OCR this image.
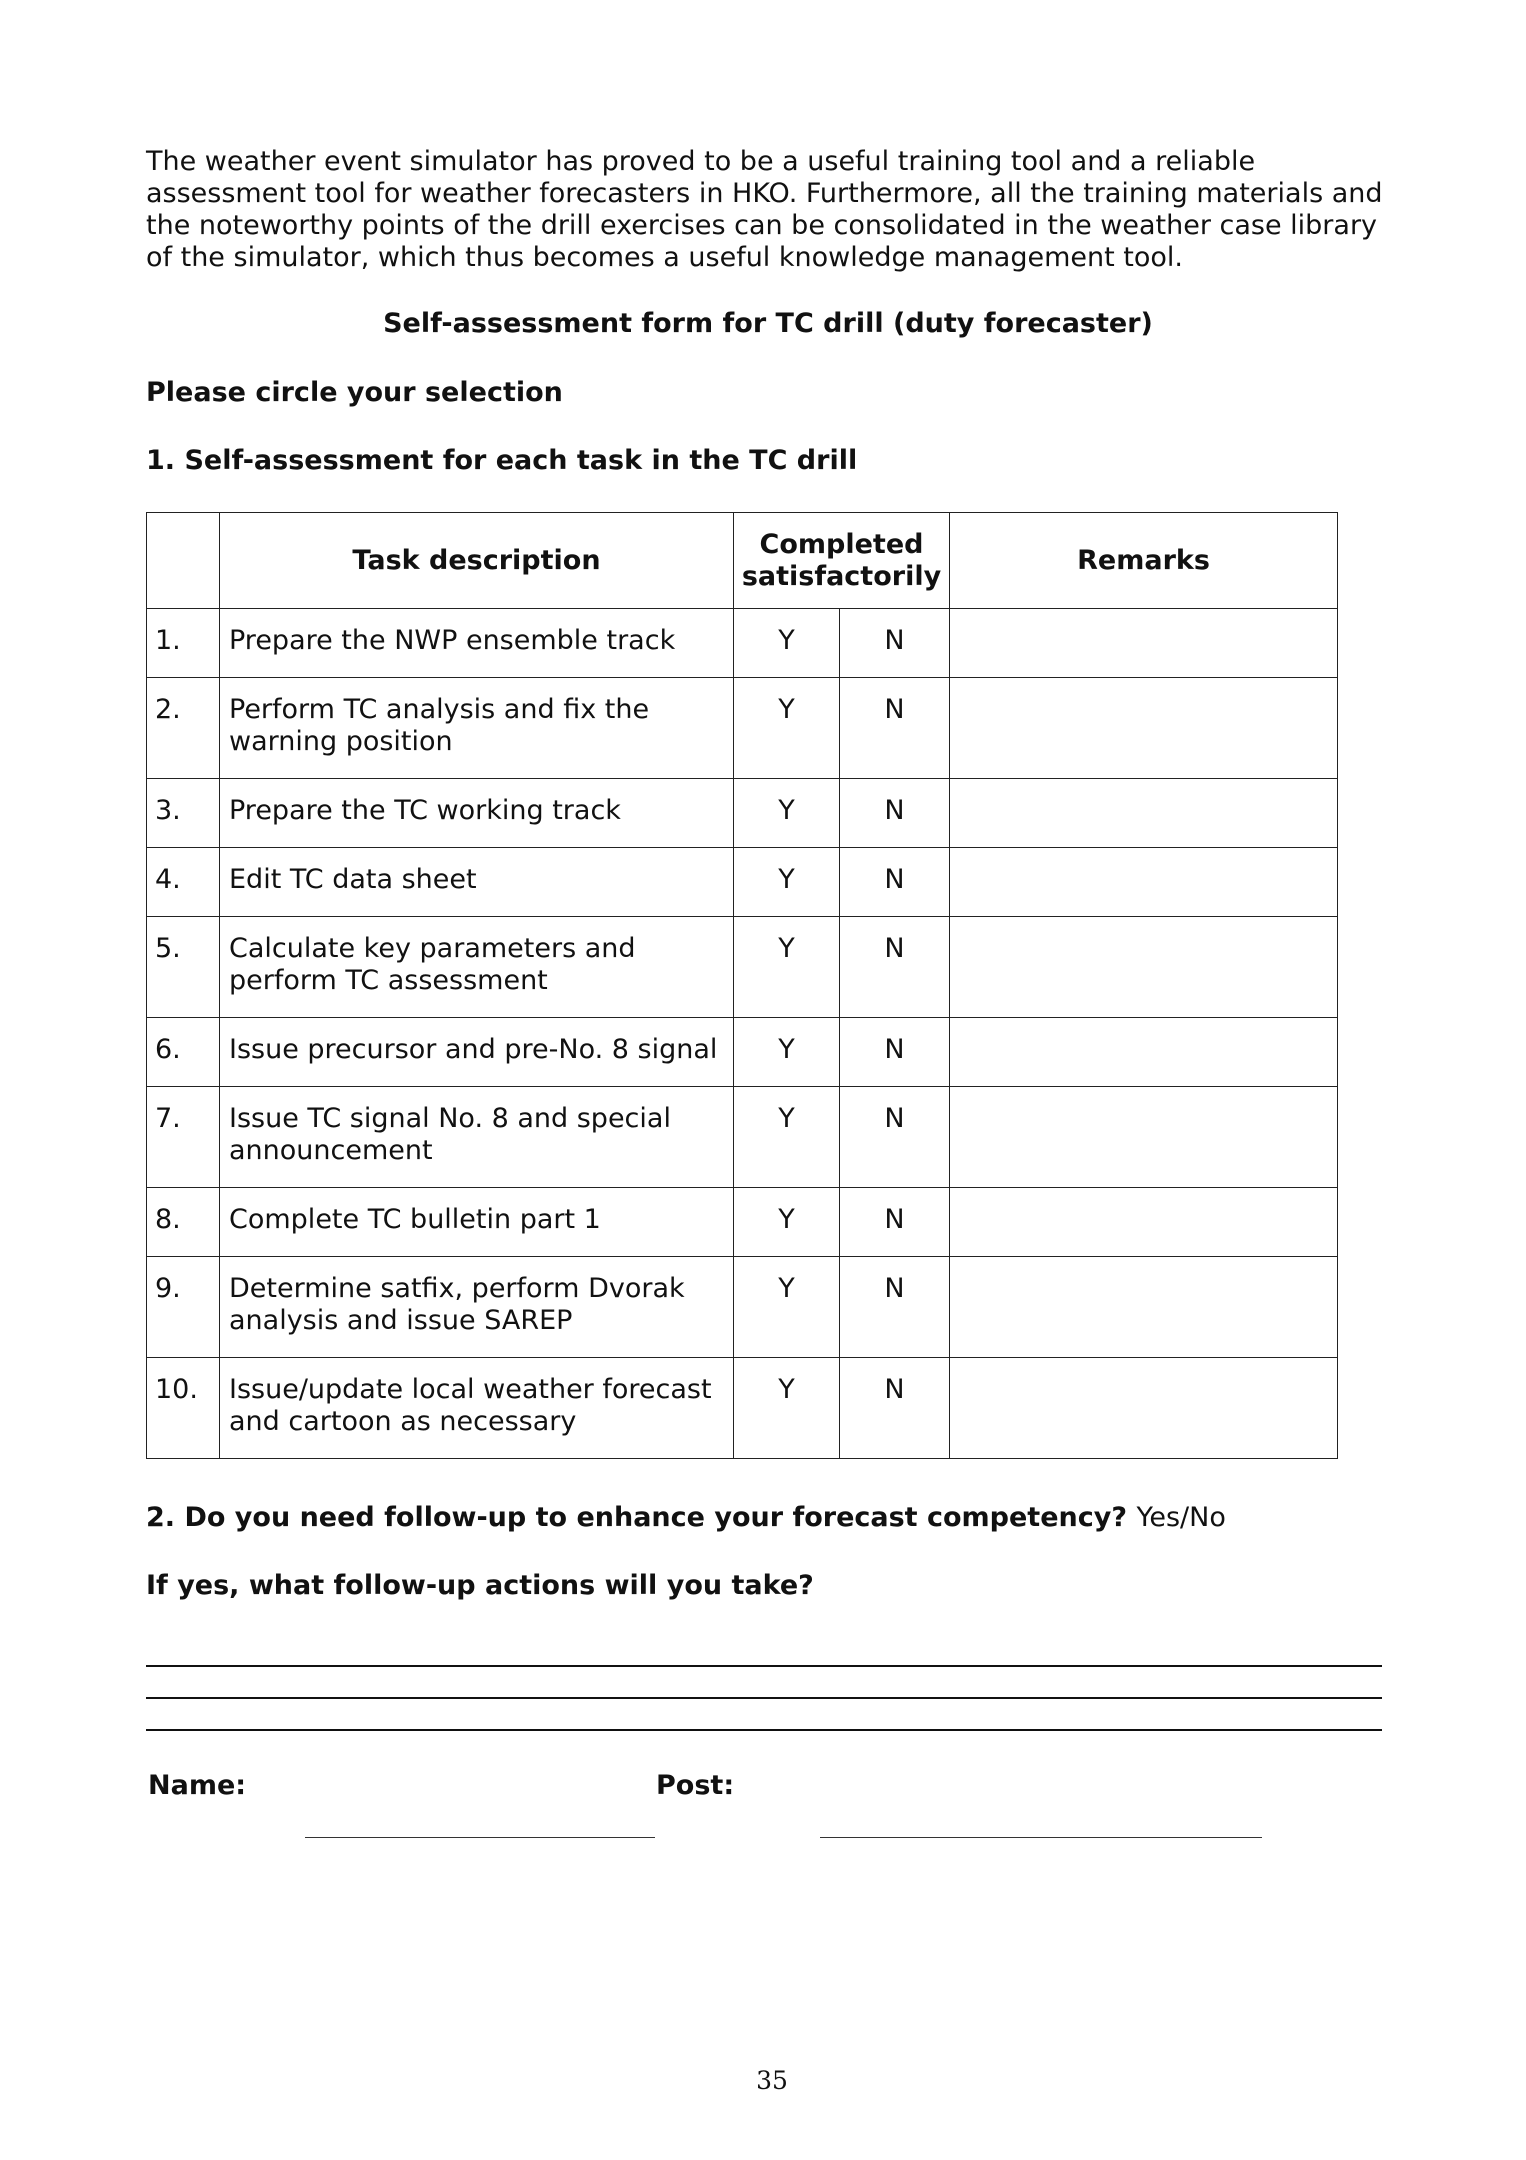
The weather event simulator has proved to be a useful training tool and a reliable assessment tool for weather forecasters in HKO. Furthermore, all the training materials and the noteworthy points of the drill exercises can be consolidated in the weather case library of the simulator, which thus becomes a useful knowledge management tool.

Self-assessment form for TC drill (duty forecaster)

Please circle your selection

1. Self-assessment for each task in the TC drill

	Task description	Completed
satisfactorily		Remarks
1.	Prepare the NWP ensemble track	Y	N	
2.	Perform TC analysis and fix the warning position	Y	N	
3.	Prepare the TC working track	Y	N	
4.	Edit TC data sheet	Y	N	
5.	Calculate key parameters and perform TC assessment	Y	N	
6.	Issue precursor and pre-No. 8 signal	Y	N	
7.	Issue TC signal No. 8 and special announcement	Y	N	
8.	Complete TC bulletin part 1	Y	N	
9.	Determine satfix, perform Dvorak analysis and issue SAREP	Y	N	
10.	Issue/update local weather forecast and cartoon as necessary	Y	N	

2. Do you need follow-up to enhance your forecast competency? Yes/No

If yes, what follow-up actions will you take?

Name:	Post:
35
